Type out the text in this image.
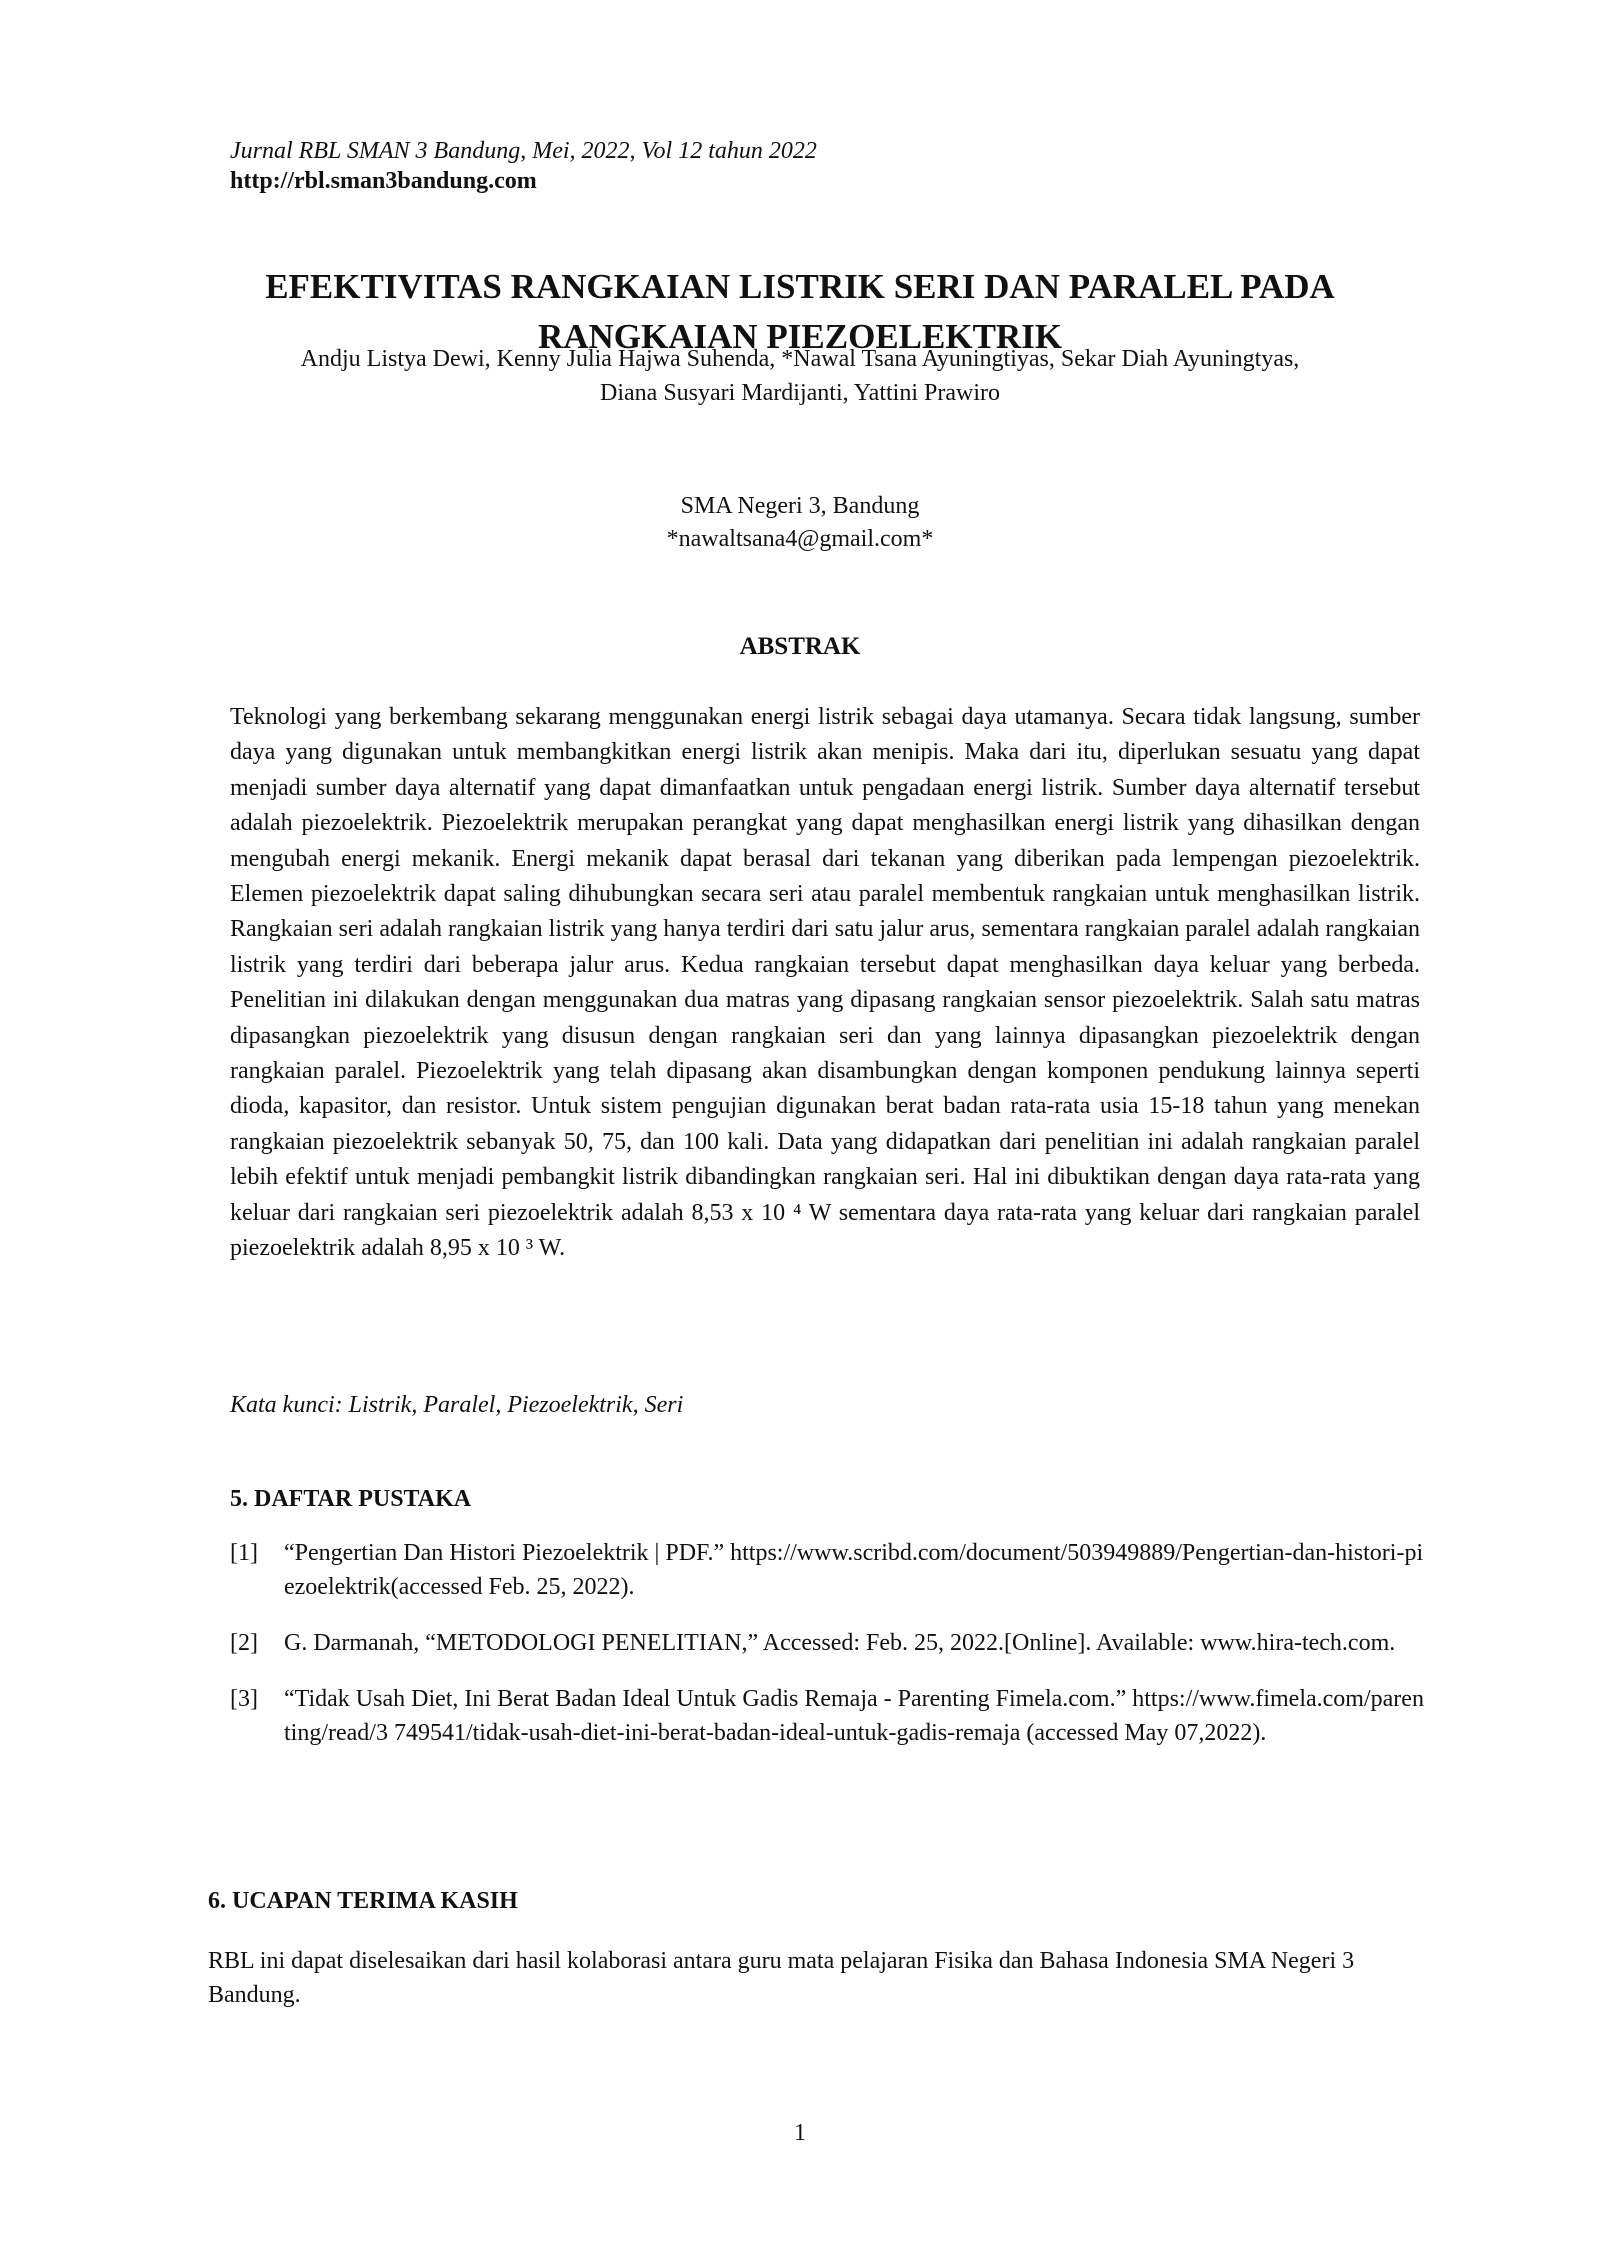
Jurnal RBL SMAN 3 Bandung, Mei, 2022, Vol 12 tahun 2022
http://rbl.sman3bandung.com
EFEKTIVITAS RANGKAIAN LISTRIK SERI DAN PARALEL PADA
RANGKAIAN PIEZOELEKTRIK
Andju Listya Dewi, Kenny Julia Hajwa Suhenda, *Nawal Tsana Ayuningtiyas, Sekar Diah Ayuningtyas,
Diana Susyari Mardijanti, Yattini Prawiro
SMA Negeri 3, Bandung
*nawaltsana4@gmail.com*
ABSTRAK
Teknologi yang berkembang sekarang menggunakan energi listrik sebagai daya utamanya. Secara tidak langsung, sumber daya yang digunakan untuk membangkitkan energi listrik akan menipis. Maka dari itu, diperlukan sesuatu yang dapat menjadi sumber daya alternatif yang dapat dimanfaatkan untuk pengadaan energi listrik. Sumber daya alternatif tersebut adalah piezoelektrik. Piezoelektrik merupakan perangkat yang dapat menghasilkan energi listrik yang dihasilkan dengan mengubah energi mekanik. Energi mekanik dapat berasal dari tekanan yang diberikan pada lempengan piezoelektrik. Elemen piezoelektrik dapat saling dihubungkan secara seri atau paralel membentuk rangkaian untuk menghasilkan listrik. Rangkaian seri adalah rangkaian listrik yang hanya terdiri dari satu jalur arus, sementara rangkaian paralel adalah rangkaian listrik yang terdiri dari beberapa jalur arus. Kedua rangkaian tersebut dapat menghasilkan daya keluar yang berbeda. Penelitian ini dilakukan dengan menggunakan dua matras yang dipasang rangkaian sensor piezoelektrik. Salah satu matras dipasangkan piezoelektrik yang disusun dengan rangkaian seri dan yang lainnya dipasangkan piezoelektrik dengan rangkaian paralel. Piezoelektrik yang telah dipasang akan disambungkan dengan komponen pendukung lainnya seperti dioda, kapasitor, dan resistor. Untuk sistem pengujian digunakan berat badan rata-rata usia 15-18 tahun yang menekan rangkaian piezoelektrik sebanyak 50, 75, dan 100 kali. Data yang didapatkan dari penelitian ini adalah rangkaian paralel lebih efektif untuk menjadi pembangkit listrik dibandingkan rangkaian seri. Hal ini dibuktikan dengan daya rata-rata yang keluar dari rangkaian seri piezoelektrik adalah 8,53 x 10 ⁴ W sementara daya rata-rata yang keluar dari rangkaian paralel piezoelektrik adalah 8,95 x 10 ³ W.
Kata kunci: Listrik, Paralel, Piezoelektrik, Seri
5. DAFTAR PUSTAKA
[1]	“Pengertian Dan Histori Piezoelektrik | PDF.” https://www.scribd.com/document/503949889/Pengertian-dan-histori-piezoelektrik(accessed Feb. 25, 2022).
[2]	G. Darmanah, “METODOLOGI PENELITIAN,” Accessed: Feb. 25, 2022.[Online]. Available: www.hira-tech.com.
[3]	“Tidak Usah Diet, Ini Berat Badan Ideal Untuk Gadis Remaja - Parenting Fimela.com.” https://www.fimela.com/parenting/read/3 749541/tidak-usah-diet-ini-berat-badan-ideal-untuk-gadis-remaja (accessed May 07,2022).
6. UCAPAN TERIMA KASIH
RBL ini dapat diselesaikan dari hasil kolaborasi antara guru mata pelajaran Fisika dan Bahasa Indonesia SMA Negeri 3 Bandung.
1
